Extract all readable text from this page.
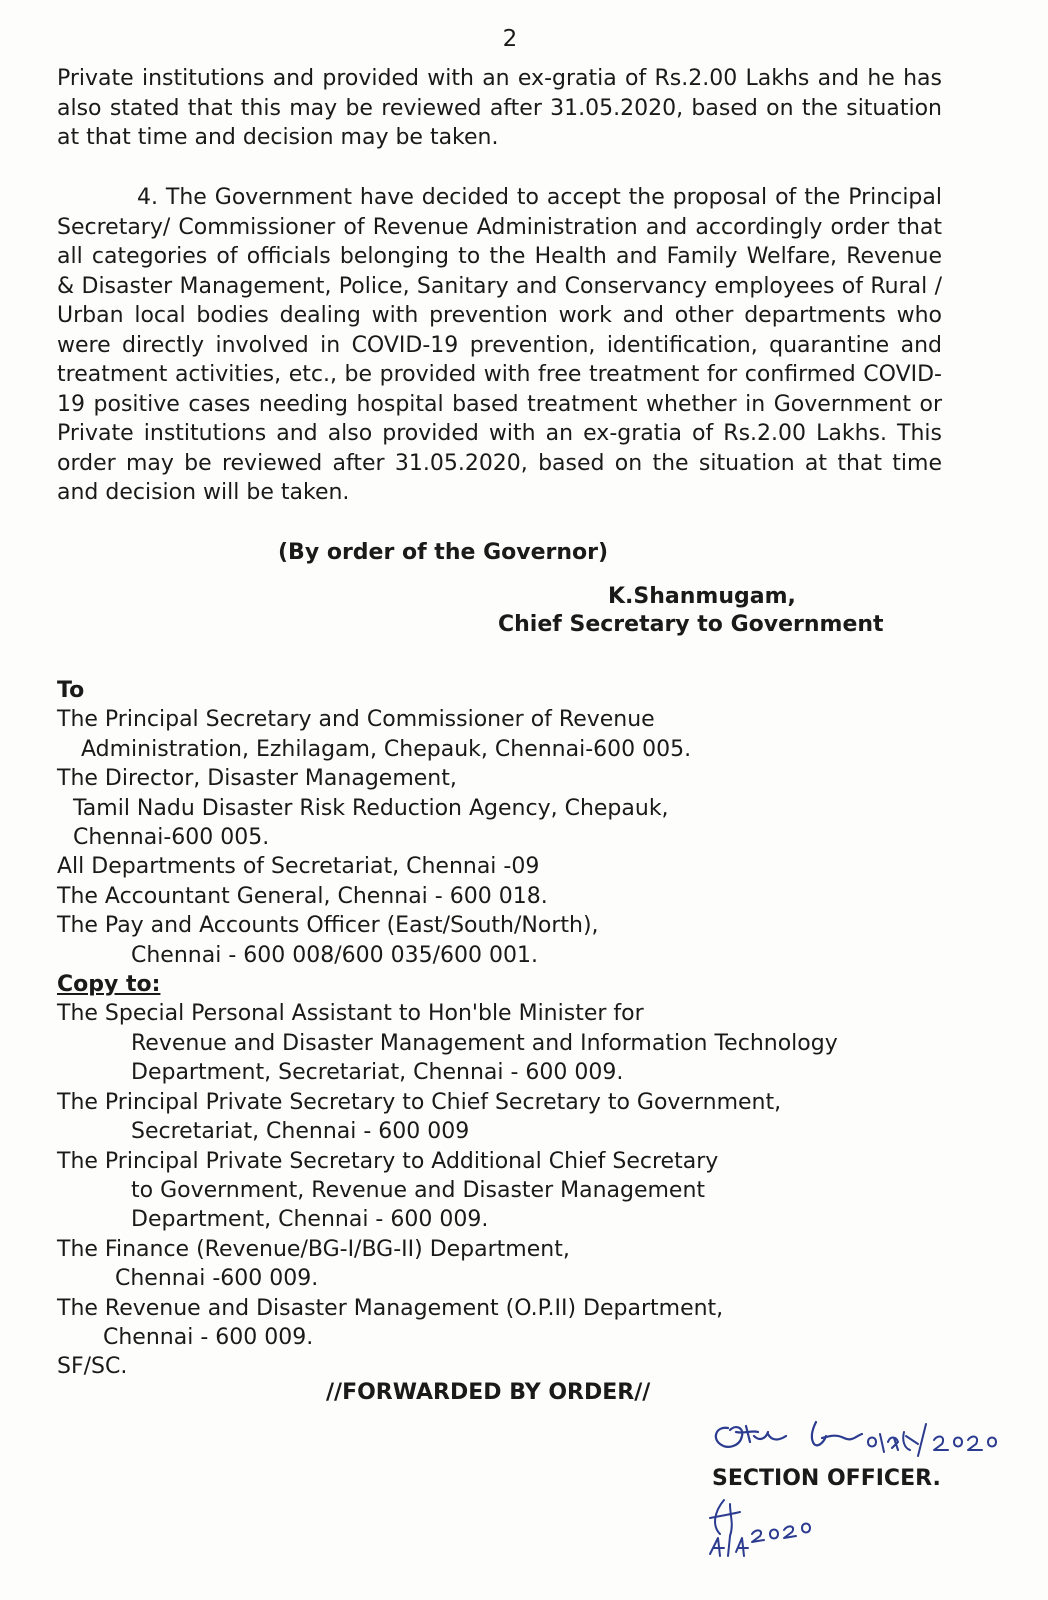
2

Private institutions and provided with an ex-gratia of Rs.2.00 Lakhs and he has also stated that this may be reviewed after 31.05.2020, based on the situation at that time and decision may be taken.

4. The Government have decided to accept the proposal of the Principal Secretary/ Commissioner of Revenue Administration and accordingly order that all categories of officials belonging to the Health and Family Welfare, Revenue & Disaster Management, Police, Sanitary and Conservancy employees of Rural / Urban local bodies dealing with prevention work and other departments who were directly involved in COVID-19 prevention, identification, quarantine and treatment activities, etc., be provided with free treatment for confirmed COVID-19 positive cases needing hospital based treatment whether in Government or Private institutions and also provided with an ex-gratia of Rs.2.00 Lakhs. This order may be reviewed after 31.05.2020, based on the situation at that time and decision will be taken.

(By order of the Governor)
K.Shanmugam,
Chief Secretary to Government
To
The Principal Secretary and Commissioner of Revenue
Administration, Ezhilagam, Chepauk, Chennai-600 005.
The Director, Disaster Management,
Tamil Nadu Disaster Risk Reduction Agency, Chepauk,
Chennai-600 005.
All Departments of Secretariat, Chennai -09
The Accountant General, Chennai - 600 018.
The Pay and Accounts Officer (East/South/North),
Chennai - 600 008/600 035/600 001.
Copy to:
The Special Personal Assistant to Hon'ble Minister for
Revenue and Disaster Management and Information Technology
Department, Secretariat, Chennai - 600 009.
The Principal Private Secretary to Chief Secretary to Government,
Secretariat, Chennai - 600 009
The Principal Private Secretary to Additional Chief Secretary
to Government, Revenue and Disaster Management
Department, Chennai - 600 009.
The Finance (Revenue/BG-I/BG-II) Department,
Chennai -600 009.
The Revenue and Disaster Management (O.P.II) Department,
Chennai - 600 009.
SF/SC.
//FORWARDED BY ORDER//
SECTION OFFICER.
